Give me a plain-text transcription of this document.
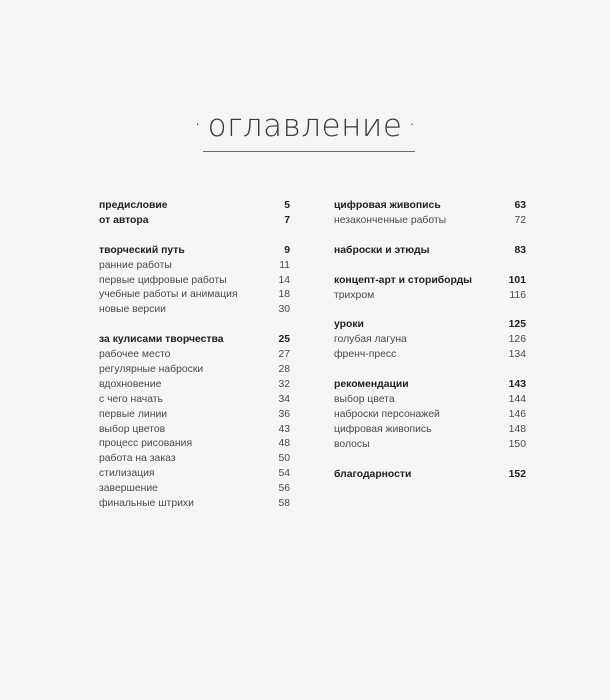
· оглавление ·
предисловие	5
от автора	7
творческий путь	9
ранние работы	11
первые цифровые работы	14
учебные работы и анимация	18
новые версии	30
за кулисами творчества	25
рабочее место	27
регулярные наброски	28
вдохновение	32
с чего начать	34
первые линии	36
выбор цветов	43
процесс рисования	48
работа на заказ	50
стилизация	54
завершение	56
финальные штрихи	58
цифровая живопись	63
незаконченные работы	72
наброски и этюды	83
концепт-арт и сториборды	101
трихром	116
уроки	125
голубая лагуна	126
френч-пресс	134
рекомендации	143
выбор цвета	144
наброски персонажей	146
цифровая живопись	148
волосы	150
благодарности	152
